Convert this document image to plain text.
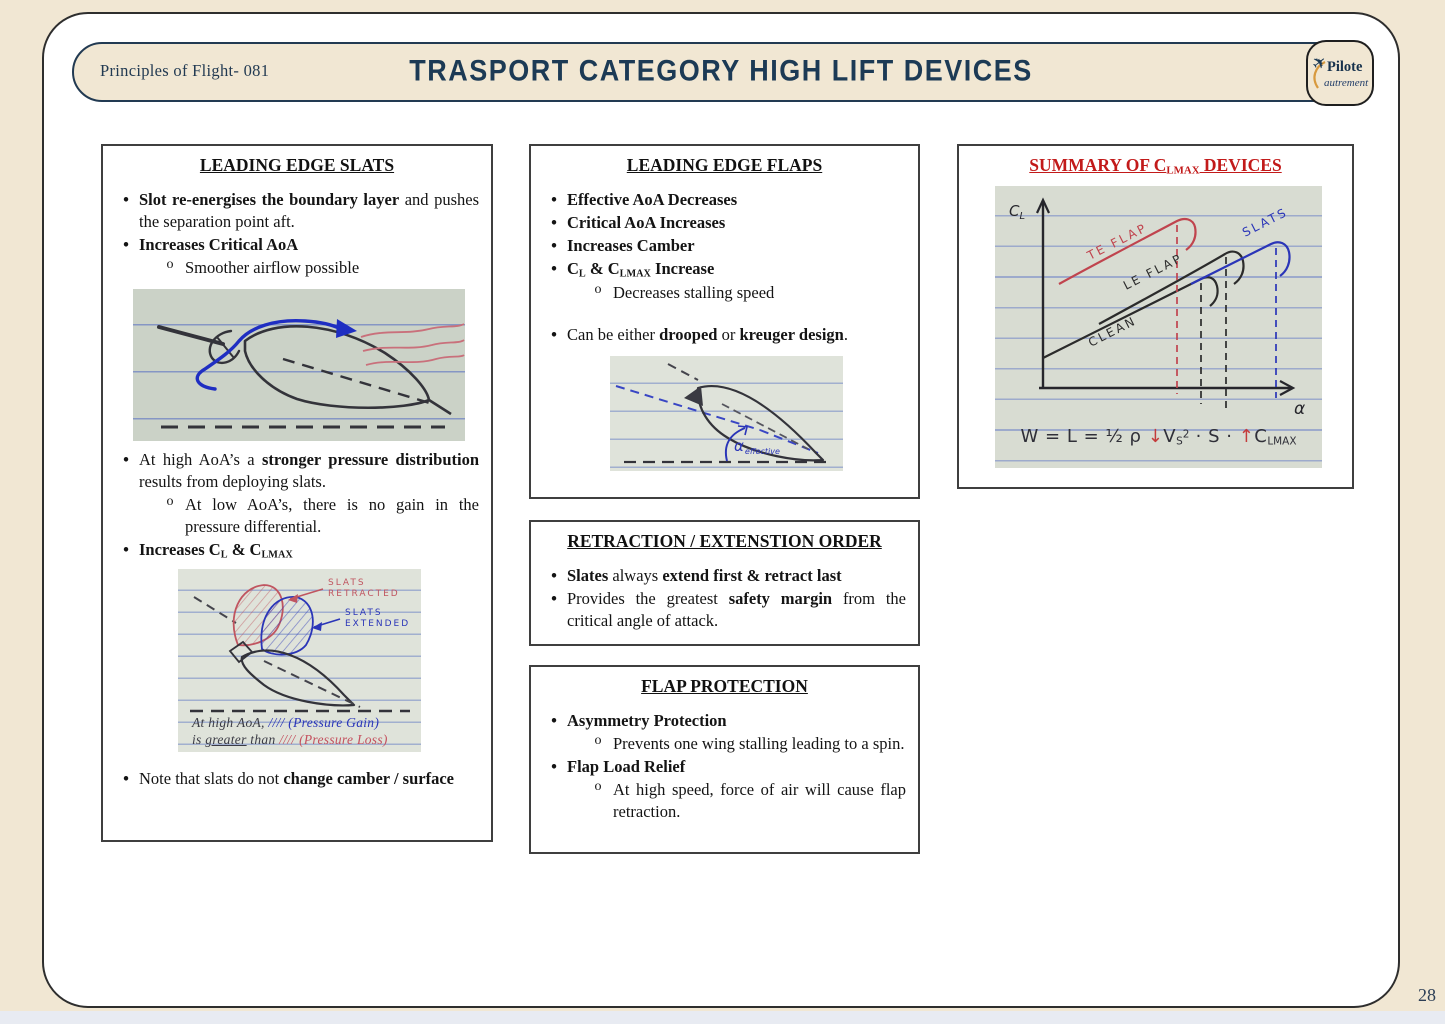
Principles of Flight- 081	TRASPORT CATEGORY HIGH LIFT DEVICES	✈
Pilote
autrement
LEADING EDGE SLATS
• Slot re-energises the boundary layer and pushes the separation point aft.
• Increases Critical AoA
o Smoother airflow possible
• At high AoA’s a stronger pressure distribution results from deploying slats.
o At low AoA’s, there is no gain in the pressure differential.
• Increases $C_L$ & $C_{LMAX}$
SLATS
RETRACTED
SLATS
EXTENDED
At high AoA, //// (Pressure Gain)
is greater than //// (Pressure Loss)
• Note that slats do not change camber / surface
LEADING EDGE FLAPS
• Effective AoA Decreases
• Critical AoA Increases
• Increases Camber
• $C_L$ & $C_{LMAX}$ Increase
o Decreases stalling speed
• Can be either drooped or kreuger design.
$\alpha_{effective}$
RETRACTION / EXTENSTION ORDER
• Slates always extend first & retract last
• Provides the greatest safety margin from the critical angle of attack.
FLAP PROTECTION
• Asymmetry Protection
o Prevents one wing stalling leading to a spin.
• Flap Load Relief
o At high speed, force of air will cause flap retraction.
SUMMARY OF $C_{LMAX}$ DEVICES
$C_L$
α
TE FLAP
LE FLAP
CLEAN
SLATS
W = L = ½ ρ $↓V_S^2 \cdot S$ · $↑C_{LMAX}$
28
